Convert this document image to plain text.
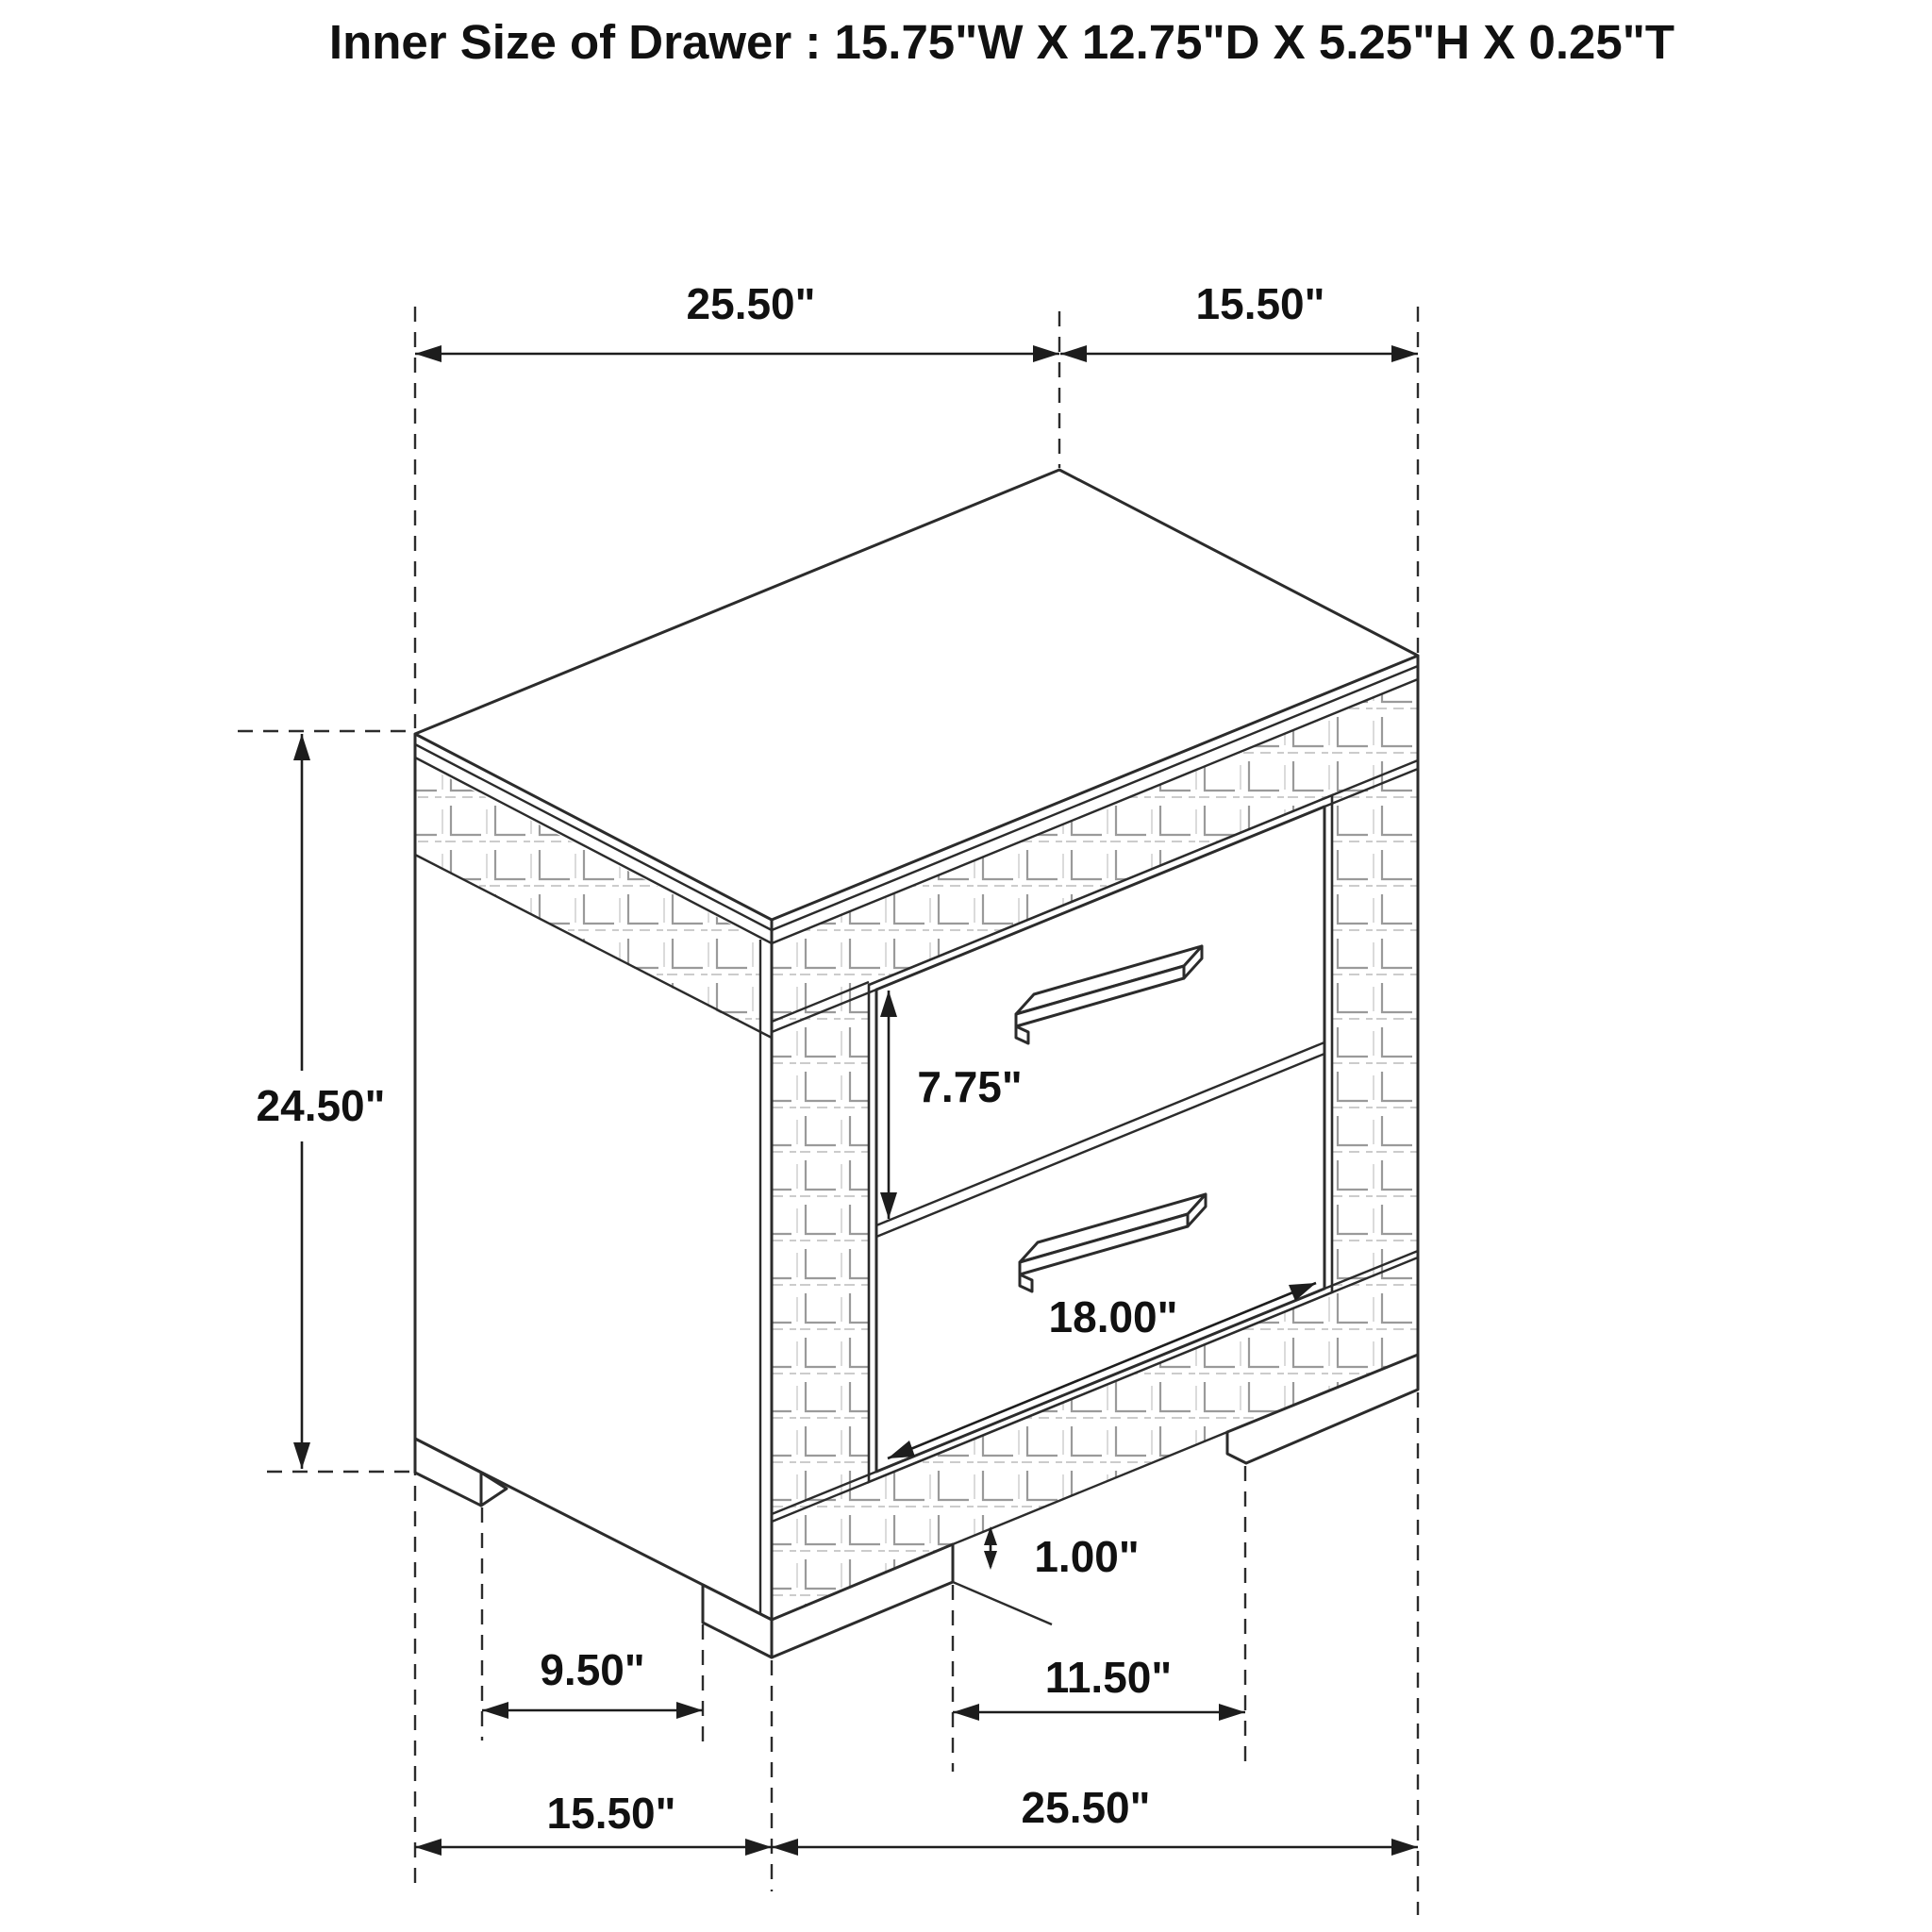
Inner Size of Drawer : 15.75"W X 12.75"D X 5.25"H X 0.25"T
25.50"	15.50"
24.50"	7.75"
18.00"
1.00"
9.50"	11.50"
15.50"	25.50"
